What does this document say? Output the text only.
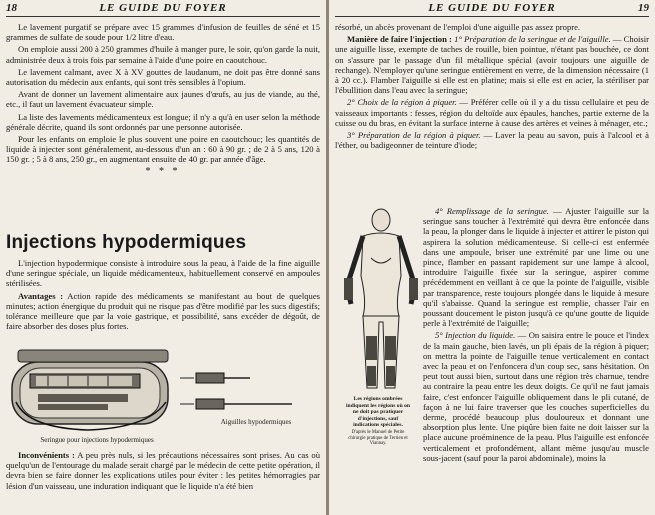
18	LE GUIDE DU FOYER

Le lavement purgatif se prépare avec 15 grammes d'infusion de feuilles de séné et 15 grammes de sulfate de soude pour 1/2 litre d'eau.

On emploie aussi 200 à 250 grammes d'huile à manger pure, le soir, qu'on garde la nuit, administrée deux à trois fois par semaine à l'aide d'une poire en caoutchouc.

Le lavement calmant, avec X à XV gouttes de laudanum, ne doit pas être donné sans autorisation du médecin aux enfants, qui sont très sensibles à l'opium.

Avant de donner un lavement alimentaire aux jaunes d'œufs, au jus de viande, au thé, etc., il faut un lavement évacuateur simple.

La liste des lavements médicamenteux est longue; il n'y a qu'à en user selon la méthode générale décrite, quand ils sont ordonnés par une personne autorisée.

Pour les enfants on emploie le plus souvent une poire en caoutchouc; les quantités de liquide à injecter sont généralement, au-dessous d'un an : 60 à 90 gr. ; de 2 à 5 ans, 120 à 150 gr. ; 5 à 8 ans, 250 gr., en augmentant ensuite de 40 gr. par année d'âge.

* * *
Injections hypodermiques

L'injection hypodermique consiste à introduire sous la peau, à l'aide de la fine aiguille d'une seringue spéciale, un liquide médicamenteux, habituellement conservé en ampoules stérilisées.

Avantages : Action rapide des médicaments se manifestant au bout de quelques minutes; action énergique du produit qui ne risque pas d'être modifié par les sucs digestifs; tolérance meilleure que par la voie gastrique, et possibilité, sans excéder de dégoût, de faire absorber des doses plus fortes.

Seringue pour injections hypodermiques
Aiguilles hypodermiques

Inconvénients : A peu près nuls, si les précautions nécessaires sont prises. Au cas où quelqu'un de l'entourage du malade serait chargé par le médecin de cette petite opération, il devra bien se faire donner les explications utiles pour éviter : les petites hémorragies par lésion d'un vaisseau, une induration indiquant que le liquide n'a été bien

LE GUIDE DU FOYER	19

résorbé, un abcès provenant de l'emploi d'une aiguille pas assez propre.

Manière de faire l'injection : 1° Préparation de la seringue et de l'aiguille. — Choisir une aiguille lisse, exempte de taches de rouille, bien pointue, n'étant pas bouchée, ce dont on s'assure par le passage d'un fil métallique spécial (avoir toujours une aiguille de rechange). N'employer qu'une seringue entièrement en verre, de la dimension nécessaire (1 à 20 cc.). Flamber l'aiguille si elle est en platine; mais si elle est en acier, la stériliser par l'ébullition dans l'eau avec la seringue;

2° Choix de la région à piquer. — Préférer celle où il y a du tissu cellulaire et peu de vaisseaux importants : fesses, région du deltoïde aux épaules, hanches, partie externe de la cuisse ou du bras, en évitant la surface interne à cause des artères et veines à ménager, etc.;

3° Préparation de la région à piquer. — Laver la peau au savon, puis à l'alcool et à l'éther, ou badigeonner de teinture d'iode;

Les régions ombrées indiquent les régions où on ne doit pas pratiquer d'injections, sauf indications spéciales.
D'après le Manuel de Petite chirurgie pratique de Terrien et Viannay.

4° Remplissage de la seringue. — Ajuster l'aiguille sur la seringue sans toucher à l'extrémité qui devra être enfoncée dans la peau, la plonger dans le liquide à injecter et attirer le piston qui aspirera la solution médicamenteuse. Si celle-ci est enfermée dans une ampoule, briser une extrémité par une lime ou une pince, flamber en passant rapidement sur une lampe à alcool, introduire l'aiguille fixée sur la seringue, aspirer comme précédemment en veillant à ce que la pointe de l'aiguille, visible par transparence, reste toujours plongée dans le liquide à mesure qu'il s'abaisse. Quand la seringue est remplie, chasser l'air en poussant doucement le piston jusqu'à ce qu'une goutte de liquide perle à l'extrémité de l'aiguille;

5° Injection du liquide. — On saisira entre le pouce et l'index de la main gauche, bien lavés, un pli épais de la région à piquer; on mettra la pointe de l'aiguille tenue verticalement en contact avec la peau et on l'enfoncera d'un coup sec, sans hésitation. On peut tout aussi bien, surtout dans une région très charnue, tendre au contraire la peau entre les deux doigts. Ce qu'il ne faut jamais faire, c'est enfoncer l'aiguille obliquement dans le pli cutané, de façon à ne lui faire traverser que les couches superficielles du derme, procédé beaucoup plus douloureux et donnant une absorption plus lente. Une piqûre bien faite ne doit laisser sur la place aucune proéminence de la peau. Plus l'aiguille est enfoncée verticalement et profondément, allant même jusqu'au muscle sous-jacent (sauf pour la paroi abdominale), moins la
